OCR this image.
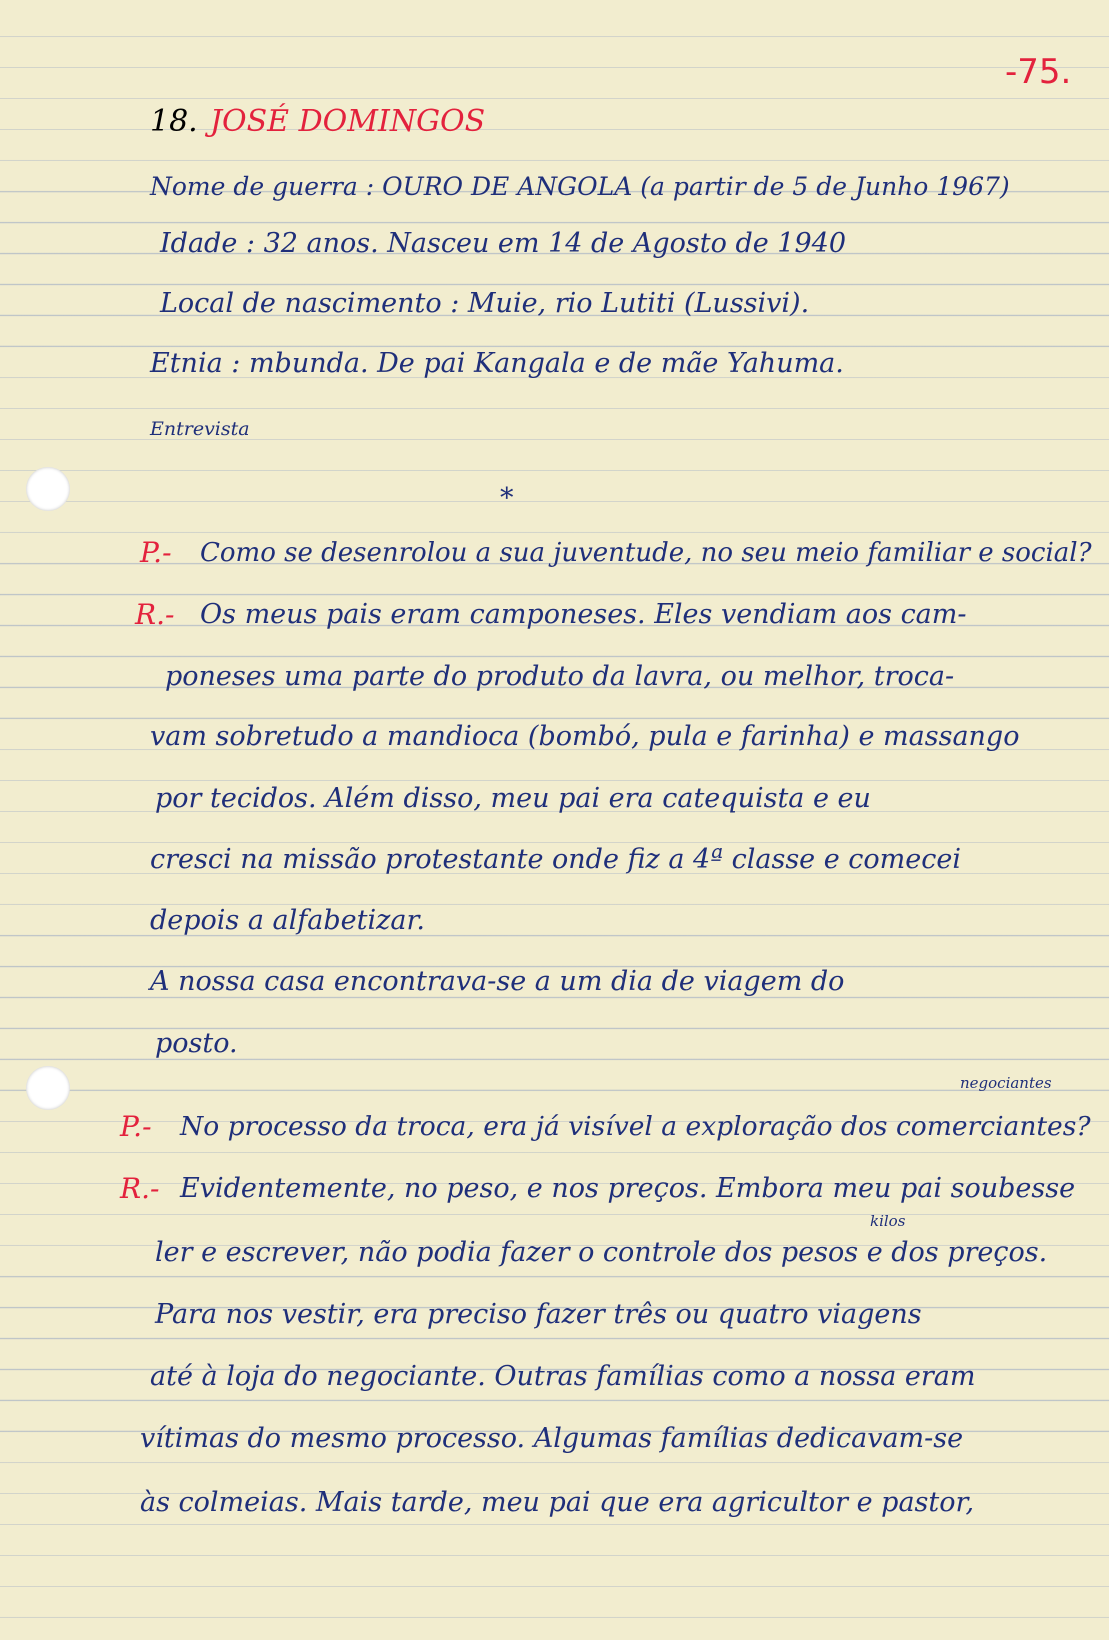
-75.
18. JOSÉ DOMINGOS
Nome de guerra : OURO DE ANGOLA (a partir de 5 de Junho 1967)
Idade : 32 anos. Nasceu em 14 de Agosto de 1940
Local de nascimento : Muie, rio Lutiti (Lussivi).
Etnia : mbunda. De pai Kangala e de mãe Yahuma.
Entrevista
*
P.- Como se desenrolou a sua juventude, no seu meio familiar e social?
R.- Os meus pais eram camponeses. Eles vendiam aos cam-
poneses uma parte do produto da lavra, ou melhor, troca-
vam sobretudo a mandioca (bombó, pula e farinha) e massango
por tecidos. Além disso, meu pai era catequista e eu
cresci na missão protestante onde fiz a 4ª classe e comecei
depois a alfabetizar.
A nossa casa encontrava-se a um dia de viagem do
posto.
negociantes
P.- No processo da troca, era já visível a exploração dos comerciantes?
R.- Evidentemente, no peso, e nos preços. Embora meu pai soubesse
kilos
ler e escrever, não podia fazer o controle dos pesos e dos preços.
Para nos vestir, era preciso fazer três ou quatro viagens
até à loja do negociante. Outras famílias como a nossa eram
vítimas do mesmo processo. Algumas famílias dedicavam-se
às colmeias. Mais tarde, meu pai que era agricultor e pastor,
